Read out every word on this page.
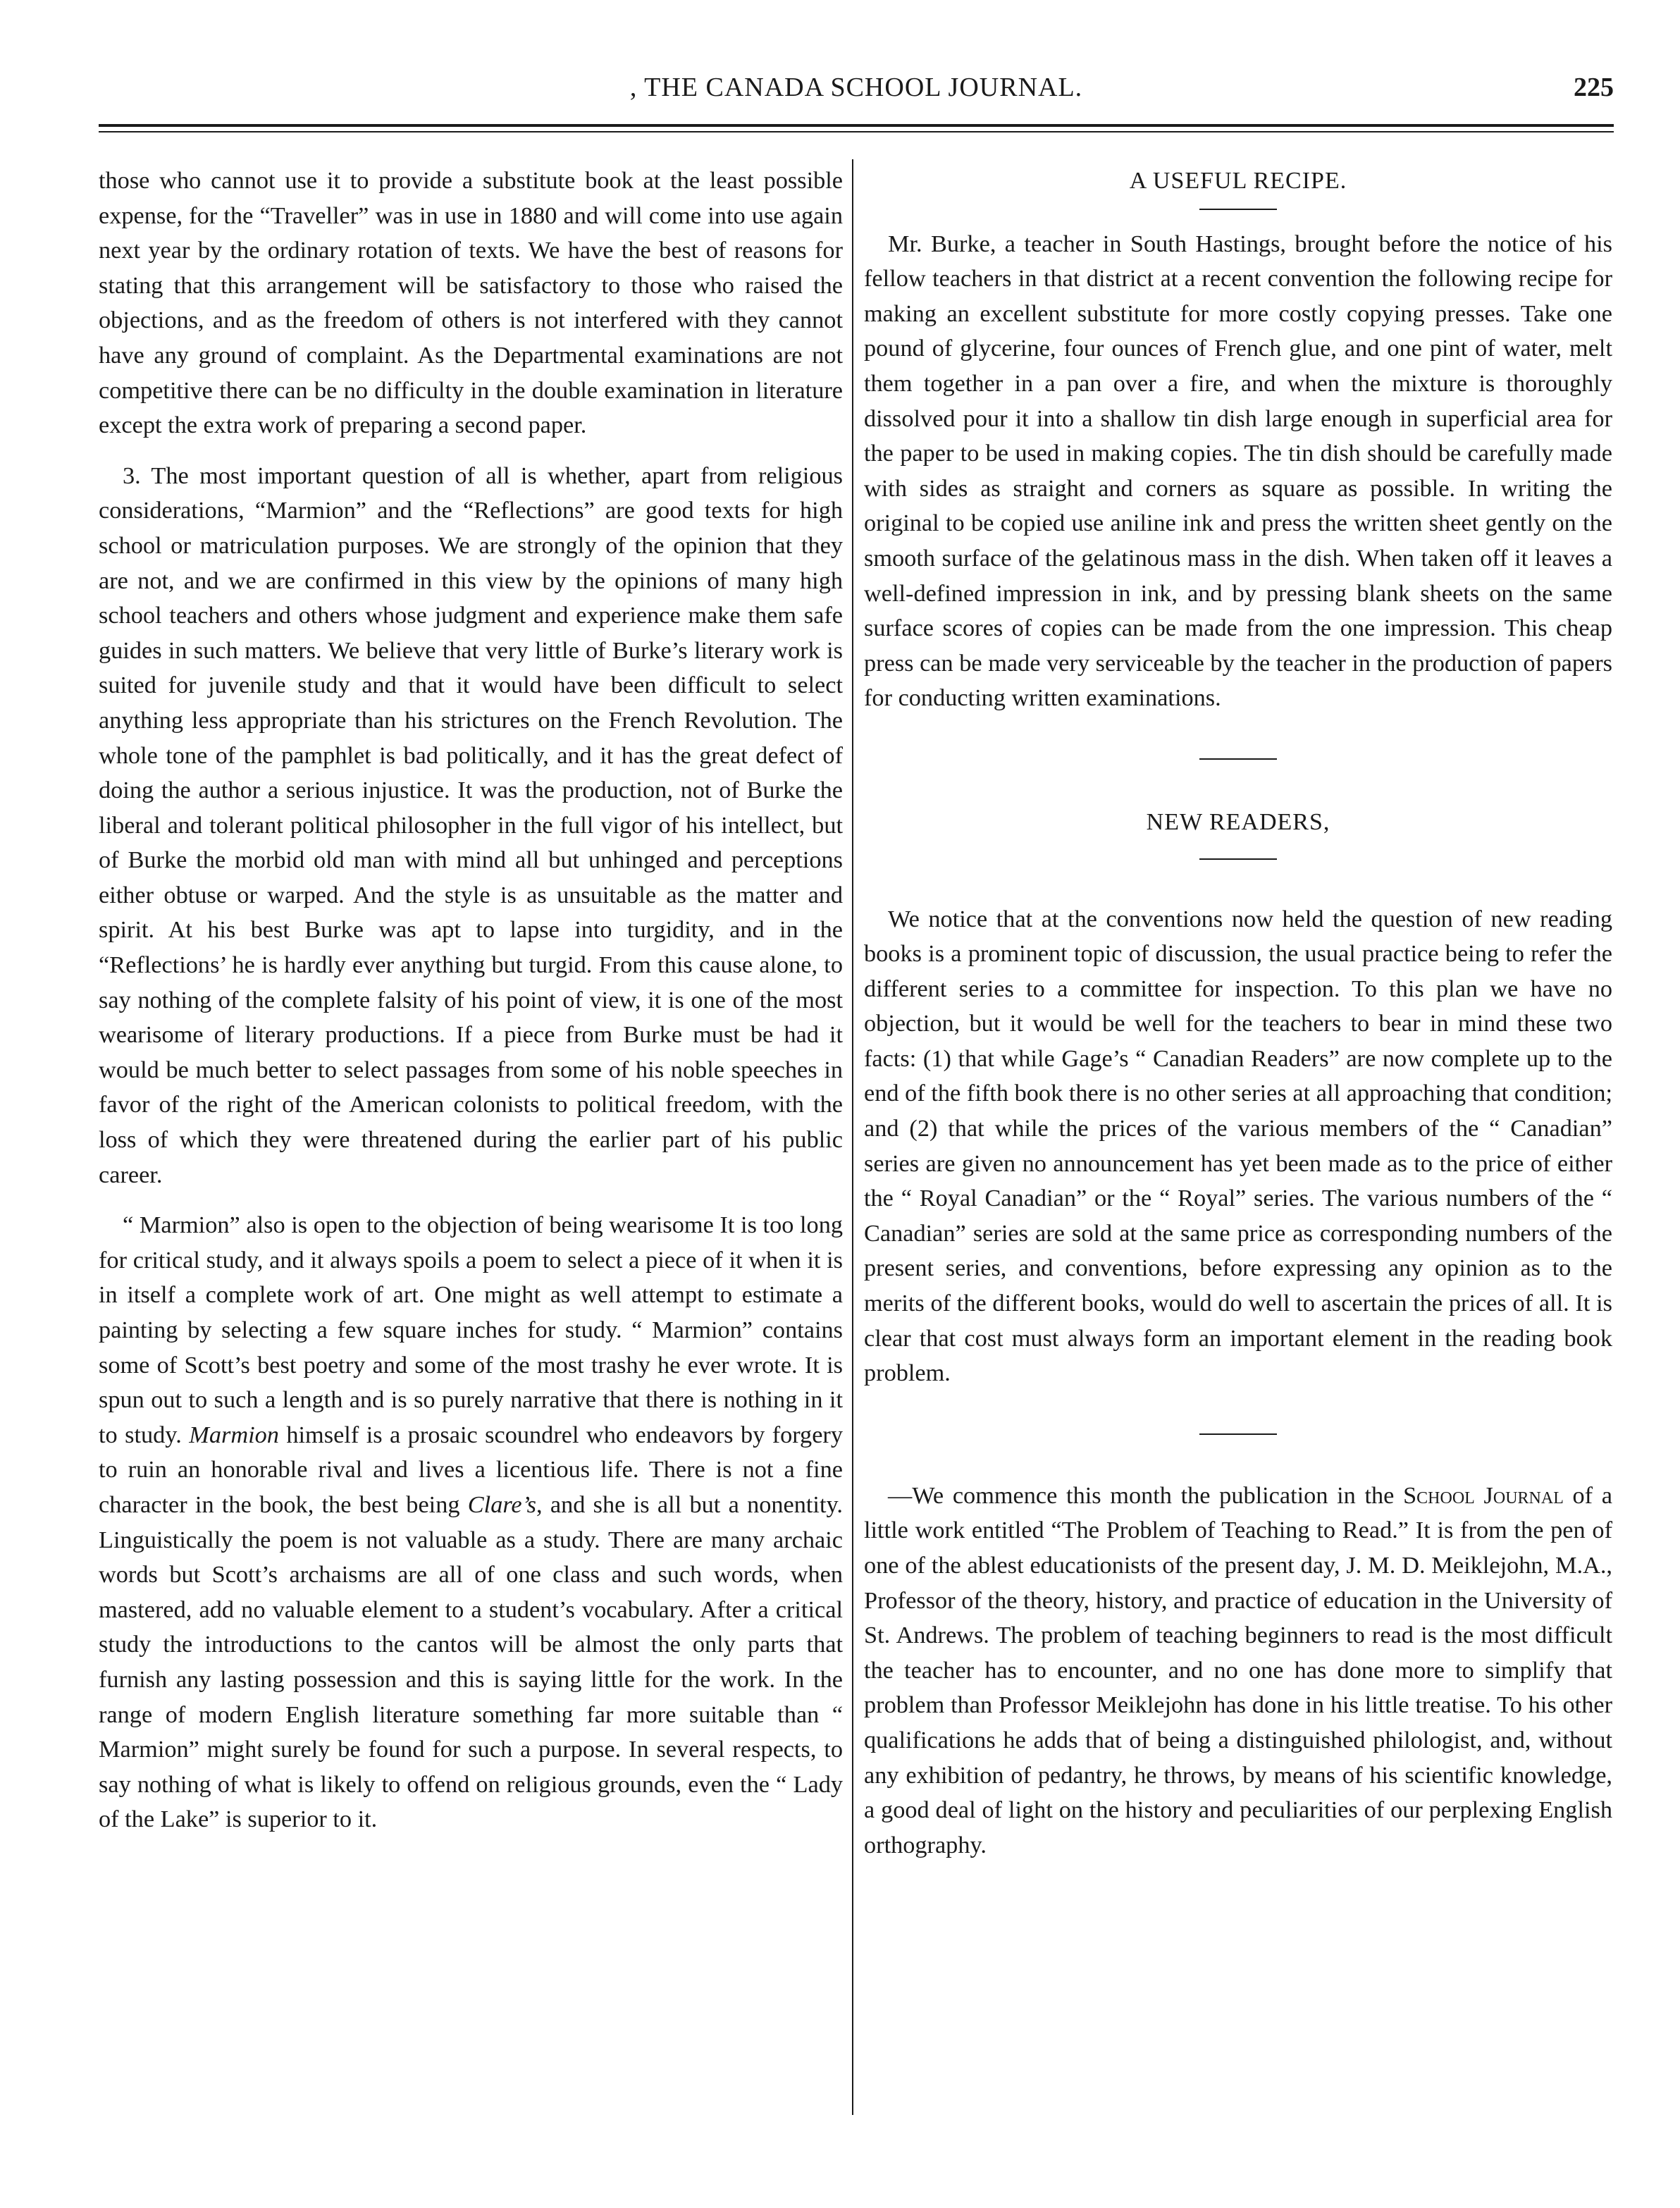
, THE CANADA SCHOOL JOURNAL.	225

those who cannot use it to provide a substitute book at the least possible expense, for the “Traveller” was in use in 1880 and will come into use again next year by the ordinary rotation of texts. We have the best of reasons for stating that this arrangement will be satisfactory to those who raised the objections, and as the freedom of others is not interfered with they cannot have any ground of complaint. As the Departmental examinations are not competitive there can be no difficulty in the double examination in literature except the extra work of preparing a second paper.

3. The most important question of all is whether, apart from religious considerations, “Marmion” and the “Reflections” are good texts for high school or matriculation purposes. We are strongly of the opinion that they are not, and we are confirmed in this view by the opinions of many high school teachers and others whose judgment and experience make them safe guides in such matters. We believe that very little of Burke’s literary work is suited for juvenile study and that it would have been difficult to select anything less appropriate than his strictures on the French Revolution. The whole tone of the pamphlet is bad politically, and it has the great defect of doing the author a serious injustice. It was the production, not of Burke the liberal and tolerant political philosopher in the full vigor of his intellect, but of Burke the morbid old man with mind all but unhinged and perceptions either obtuse or warped. And the style is as unsuitable as the matter and spirit. At his best Burke was apt to lapse into turgidity, and in the “Reflections’ he is hardly ever anything but turgid. From this cause alone, to say nothing of the complete falsity of his point of view, it is one of the most wearisome of literary productions. If a piece from Burke must be had it would be much better to select passages from some of his noble speeches in favor of the right of the American colonists to political freedom, with the loss of which they were threatened during the earlier part of his public career.

“ Marmion” also is open to the objection of being wearisome It is too long for critical study, and it always spoils a poem to select a piece of it when it is in itself a complete work of art. One might as well attempt to estimate a painting by selecting a few square inches for study. “ Marmion” contains some of Scott’s best poetry and some of the most trashy he ever wrote. It is spun out to such a length and is so purely narrative that there is nothing in it to study. Marmion himself is a prosaic scoundrel who endeavors by forgery to ruin an honorable rival and lives a licentious life. There is not a fine character in the book, the best being Clare’s, and she is all but a nonentity. Linguistically the poem is not valuable as a study. There are many archaic words but Scott’s archaisms are all of one class and such words, when mastered, add no valuable element to a student’s vocabulary. After a critical study the introductions to the cantos will be almost the only parts that furnish any lasting possession and this is saying little for the work. In the range of modern English literature something far more suitable than “ Marmion” might surely be found for such a purpose. In several respects, to say nothing of what is likely to offend on religious grounds, even the “ Lady of the Lake” is superior to it.

A USEFUL RECIPE.

Mr. Burke, a teacher in South Hastings, brought before the notice of his fellow teachers in that district at a recent convention the following recipe for making an excellent substitute for more costly copying presses. Take one pound of glycerine, four ounces of French glue, and one pint of water, melt them together in a pan over a fire, and when the mixture is thoroughly dissolved pour it into a shallow tin dish large enough in superficial area for the paper to be used in making copies. The tin dish should be carefully made with sides as straight and corners as square as possible. In writing the original to be copied use aniline ink and press the written sheet gently on the smooth surface of the gelatinous mass in the dish. When taken off it leaves a well-defined impression in ink, and by pressing blank sheets on the same surface scores of copies can be made from the one impression. This cheap press can be made very serviceable by the teacher in the production of papers for conducting written examinations.

NEW READERS,

We notice that at the conventions now held the question of new reading books is a prominent topic of discussion, the usual practice being to refer the different series to a committee for inspection. To this plan we have no objection, but it would be well for the teachers to bear in mind these two facts: (1) that while Gage’s “ Canadian Readers” are now complete up to the end of the fifth book there is no other series at all approaching that condition; and (2) that while the prices of the various members of the “ Canadian” series are given no announcement has yet been made as to the price of either the “ Royal Canadian” or the “ Royal” series. The various numbers of the “ Canadian” series are sold at the same price as corresponding numbers of the present series, and conventions, before expressing any opinion as to the merits of the different books, would do well to ascertain the prices of all. It is clear that cost must always form an important element in the reading book problem.

—We commence this month the publication in the School Journal of a little work entitled “The Problem of Teaching to Read.” It is from the pen of one of the ablest educationists of the present day, J. M. D. Meiklejohn, M.A., Professor of the theory, history, and practice of education in the University of St. Andrews. The problem of teaching beginners to read is the most difficult the teacher has to encounter, and no one has done more to simplify that problem than Professor Meiklejohn has done in his little treatise. To his other qualifications he adds that of being a distinguished philologist, and, without any exhibition of pedantry, he throws, by means of his scientific knowledge, a good deal of light on the history and peculiarities of our perplexing English orthography.
